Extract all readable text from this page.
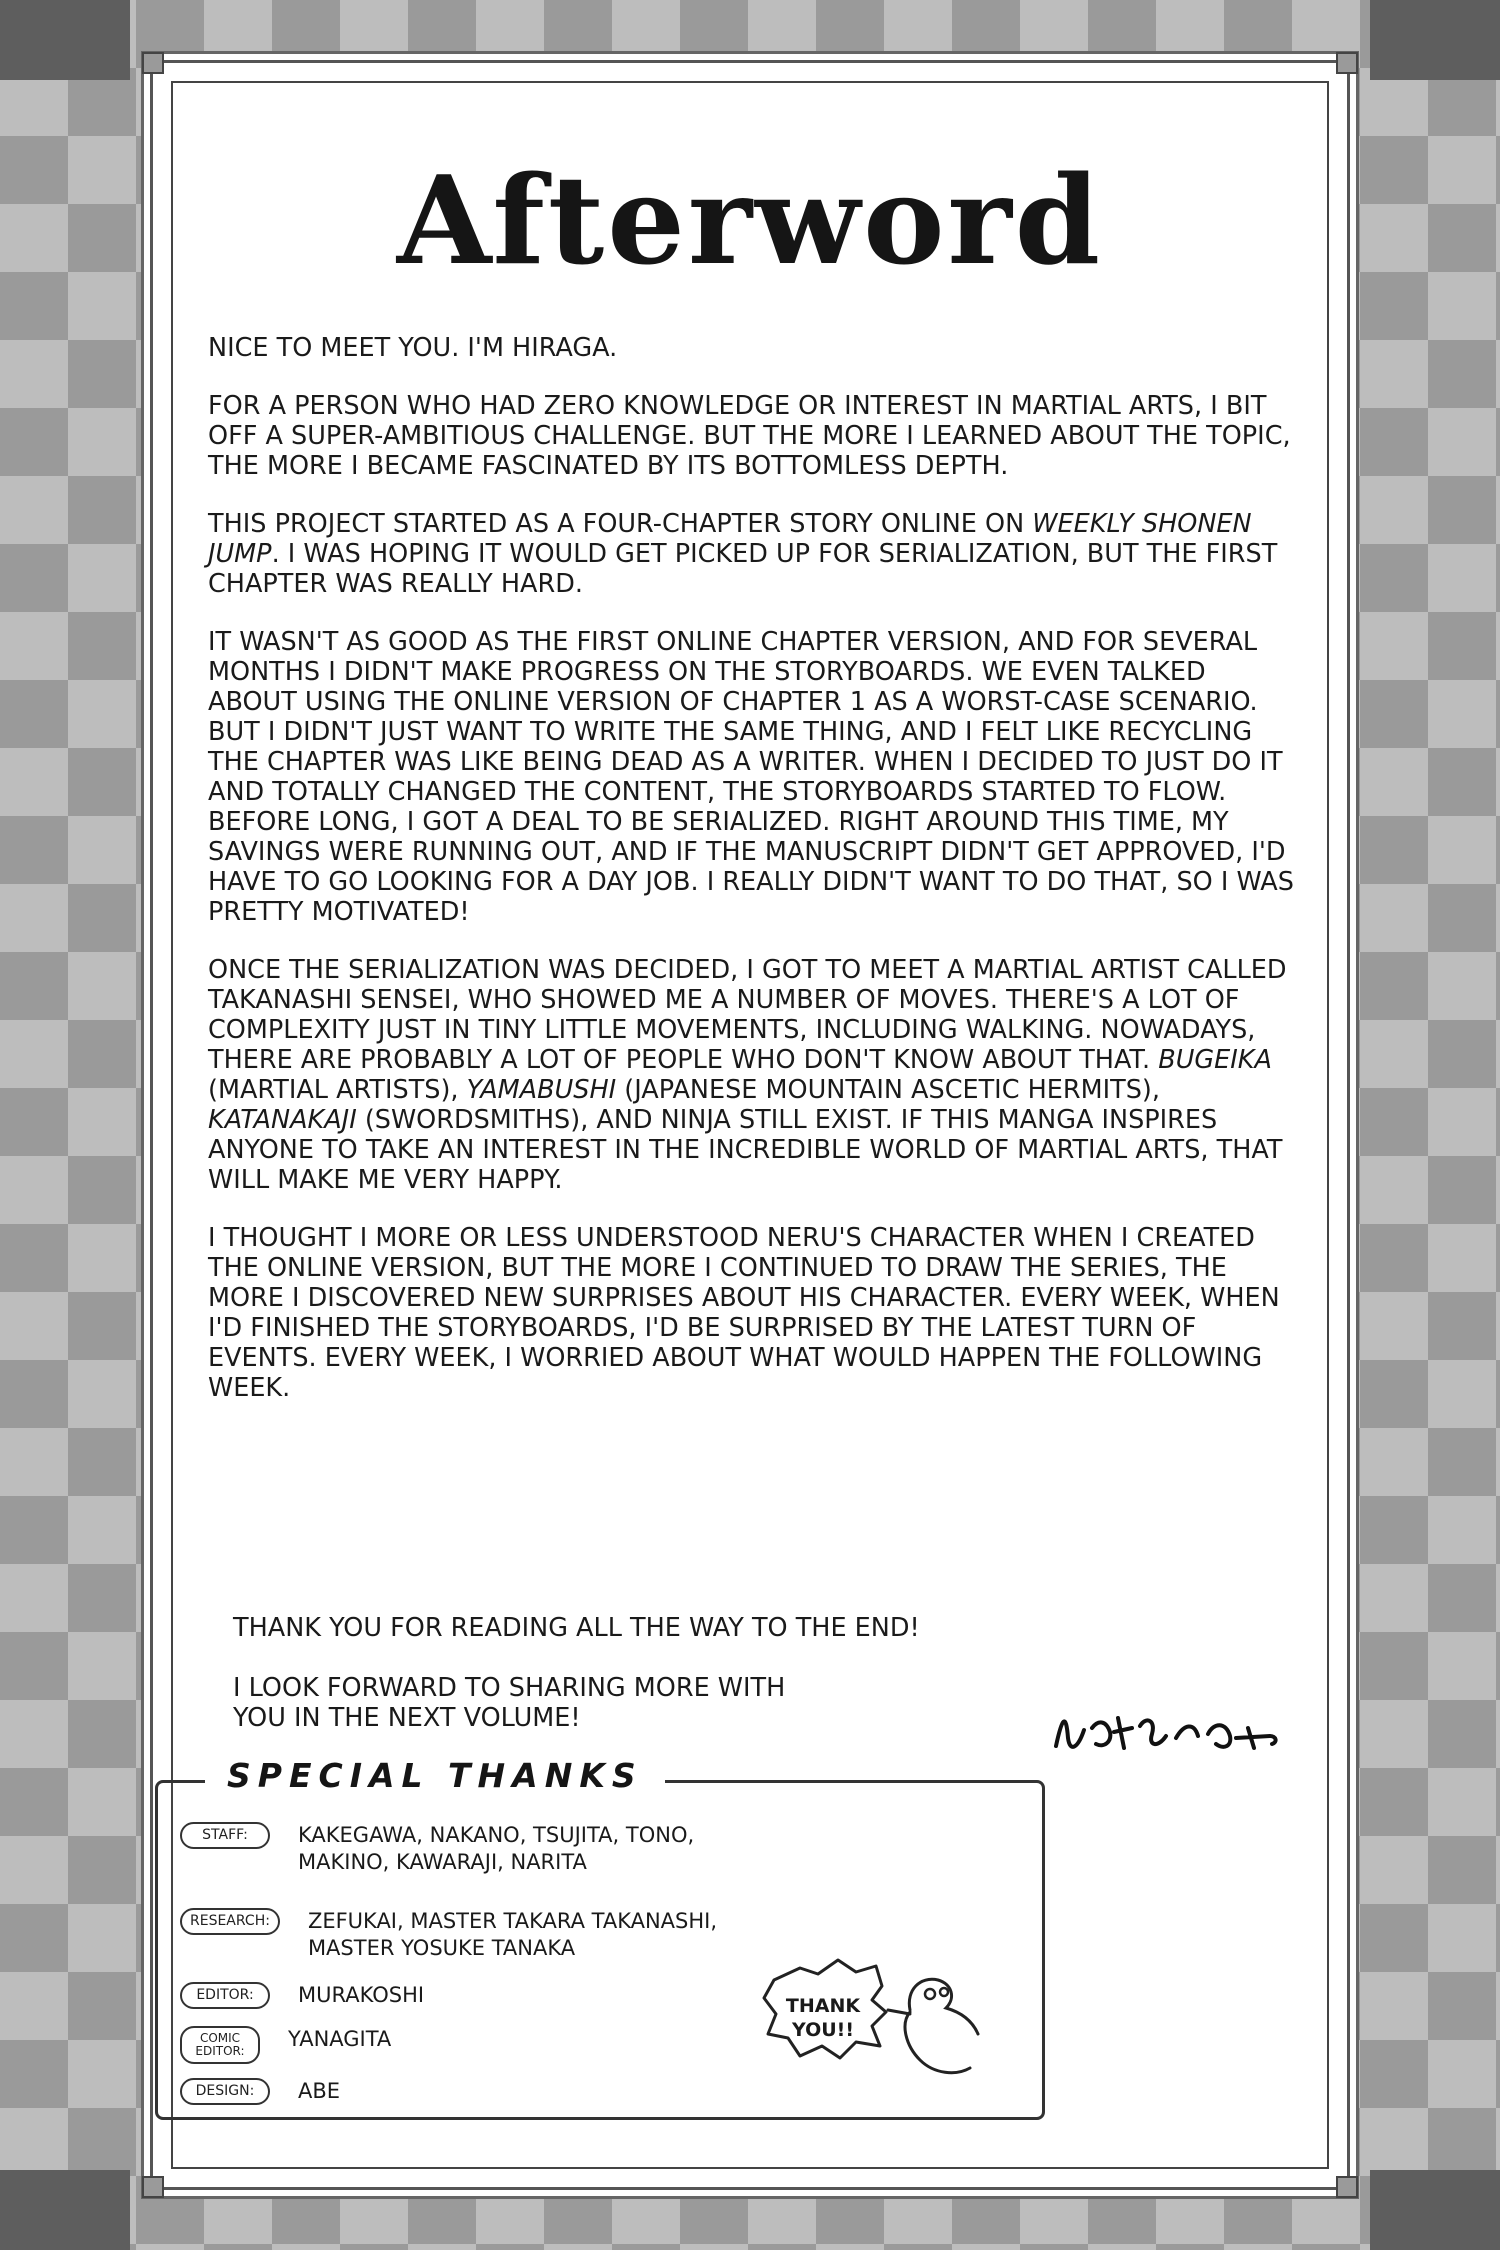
Afterword

NICE TO MEET YOU. I'M HIRAGA.

FOR A PERSON WHO HAD ZERO KNOWLEDGE OR INTEREST IN MARTIAL ARTS, I BIT OFF A SUPER-AMBITIOUS CHALLENGE. BUT THE MORE I LEARNED ABOUT THE TOPIC, THE MORE I BECAME FASCINATED BY ITS BOTTOMLESS DEPTH.

THIS PROJECT STARTED AS A FOUR-CHAPTER STORY ONLINE ON WEEKLY SHONEN JUMP. I WAS HOPING IT WOULD GET PICKED UP FOR SERIALIZATION, BUT THE FIRST CHAPTER WAS REALLY HARD.

IT WASN'T AS GOOD AS THE FIRST ONLINE CHAPTER VERSION, AND FOR SEVERAL MONTHS I DIDN'T MAKE PROGRESS ON THE STORYBOARDS. WE EVEN TALKED ABOUT USING THE ONLINE VERSION OF CHAPTER 1 AS A WORST-CASE SCENARIO. BUT I DIDN'T JUST WANT TO WRITE THE SAME THING, AND I FELT LIKE RECYCLING THE CHAPTER WAS LIKE BEING DEAD AS A WRITER. WHEN I DECIDED TO JUST DO IT AND TOTALLY CHANGED THE CONTENT, THE STORYBOARDS STARTED TO FLOW. BEFORE LONG, I GOT A DEAL TO BE SERIALIZED. RIGHT AROUND THIS TIME, MY SAVINGS WERE RUNNING OUT, AND IF THE MANUSCRIPT DIDN'T GET APPROVED, I'D HAVE TO GO LOOKING FOR A DAY JOB. I REALLY DIDN'T WANT TO DO THAT, SO I WAS PRETTY MOTIVATED!

ONCE THE SERIALIZATION WAS DECIDED, I GOT TO MEET A MARTIAL ARTIST CALLED TAKANASHI SENSEI, WHO SHOWED ME A NUMBER OF MOVES. THERE'S A LOT OF COMPLEXITY JUST IN TINY LITTLE MOVEMENTS, INCLUDING WALKING. NOWADAYS, THERE ARE PROBABLY A LOT OF PEOPLE WHO DON'T KNOW ABOUT THAT. BUGEIKA (MARTIAL ARTISTS), YAMABUSHI (JAPANESE MOUNTAIN ASCETIC HERMITS), KATANAKAJI (SWORDSMITHS), AND NINJA STILL EXIST. IF THIS MANGA INSPIRES ANYONE TO TAKE AN INTEREST IN THE INCREDIBLE WORLD OF MARTIAL ARTS, THAT WILL MAKE ME VERY HAPPY.

I THOUGHT I MORE OR LESS UNDERSTOOD NERU'S CHARACTER WHEN I CREATED THE ONLINE VERSION, BUT THE MORE I CONTINUED TO DRAW THE SERIES, THE MORE I DISCOVERED NEW SURPRISES ABOUT HIS CHARACTER. EVERY WEEK, WHEN I'D FINISHED THE STORYBOARDS, I'D BE SURPRISED BY THE LATEST TURN OF EVENTS. EVERY WEEK, I WORRIED ABOUT WHAT WOULD HAPPEN THE FOLLOWING WEEK.

THANK YOU FOR READING ALL THE WAY TO THE END!

I LOOK FORWARD TO SHARING MORE WITH YOU IN THE NEXT VOLUME!

SPECIAL THANKS
STAFF:	KAKEGAWA, NAKANO, TSUJITA, TONO, MAKINO, KAWARAJI, NARITA
RESEARCH:	ZEFUKAI, MASTER TAKARA TAKANASHI, MASTER YOSUKE TANAKA
EDITOR:	MURAKOSHI
COMIC EDITOR:	YANAGITA
DESIGN:	ABE
THANK YOU!!
